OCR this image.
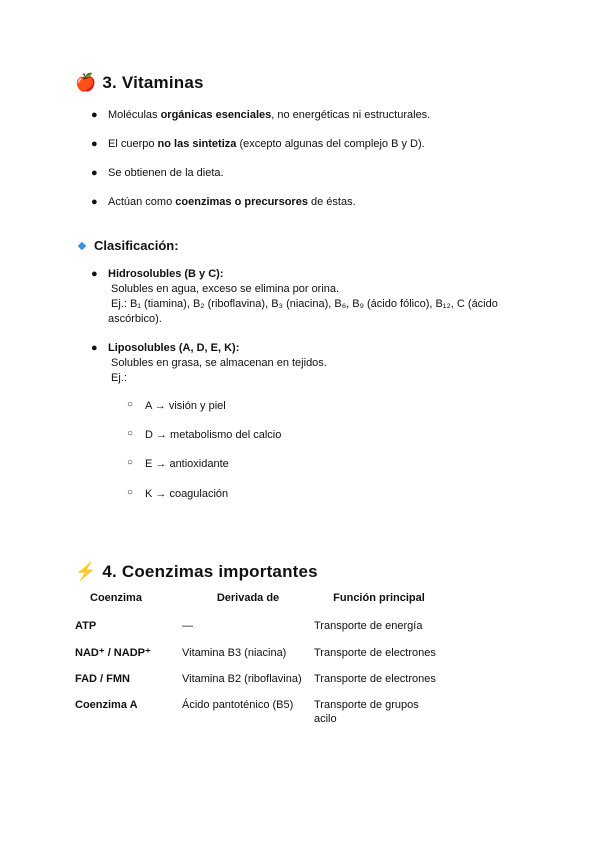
🍎 3. Vitaminas
● Moléculas orgánicas esenciales, no energéticas ni estructurales.
● El cuerpo no las sintetiza (excepto algunas del complejo B y D).
● Se obtienen de la dieta.
● Actúan como coenzimas o precursores de éstas.
Clasificación:
● Hidrosolubles (B y C):
Solubles en agua, exceso se elimina por orina.
Ej.: B₁ (tiamina), B₂ (riboflavina), B₃ (niacina), B₆, B₉ (ácido fólico), B₁₂, C (ácido
ascórbico).
● Liposolubles (A, D, E, K):
Solubles en grasa, se almacenan en tejidos.
Ej.:
○ A → visión y piel
○ D → metabolismo del calcio
○ E → antioxidante
○ K → coagulación
⚡ 4. Coenzimas importantes
Coenzima	Derivada de	Función principal
ATP	—	Transporte de energía
NAD⁺ / NADP⁺	Vitamina B3 (niacina)	Transporte de electrones
FAD / FMN	Vitamina B2 (riboflavina)	Transporte de electrones
Coenzima A	Ácido pantoténico (B5)	Transporte de grupos acilo
